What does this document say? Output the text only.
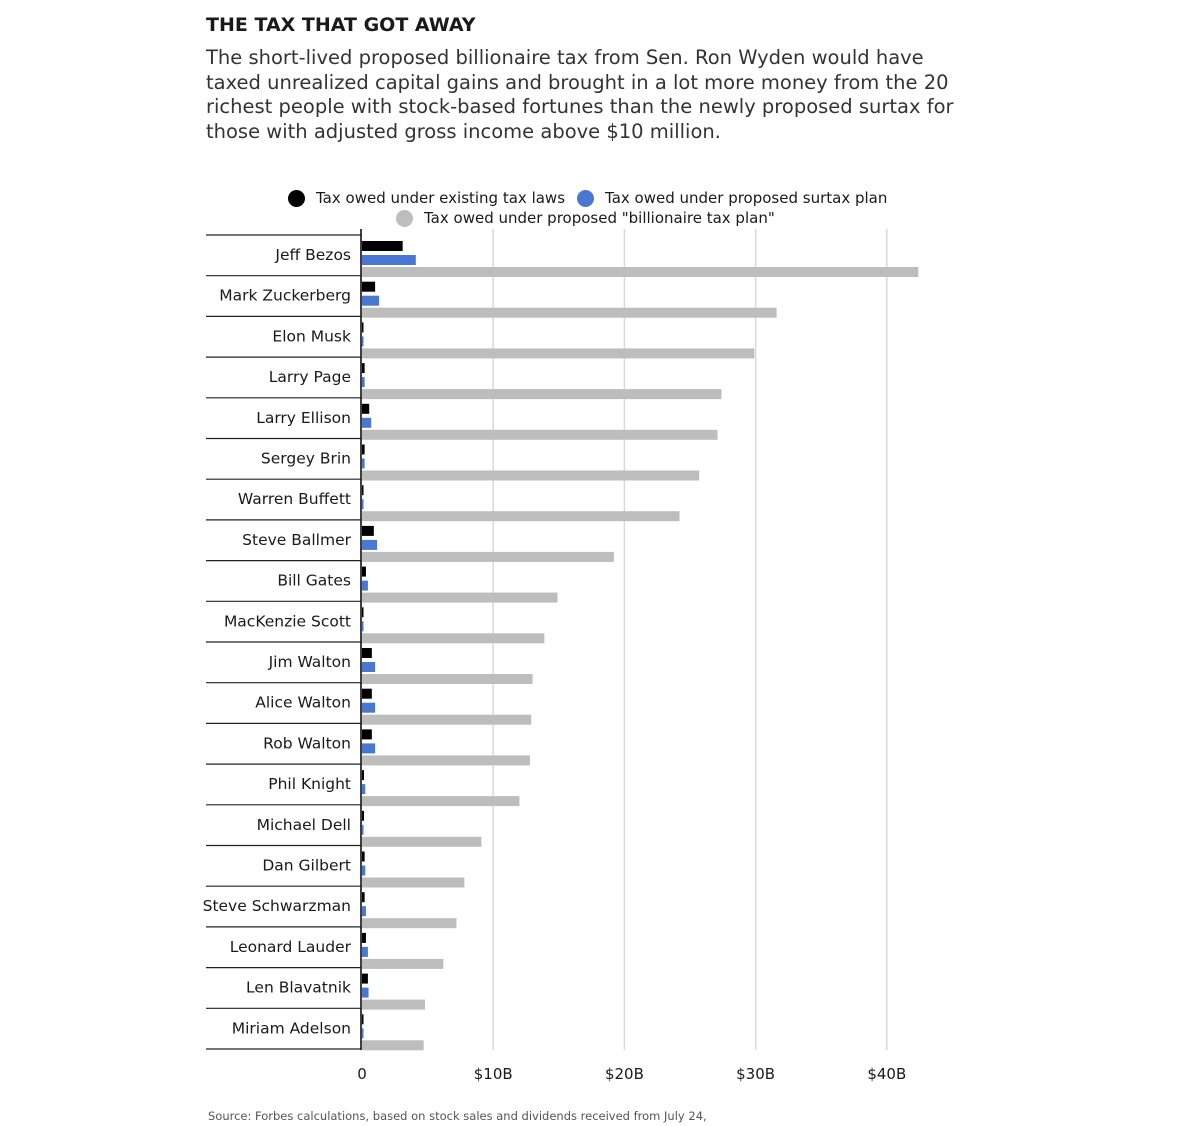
THE TAX THAT GOT AWAY
The short-lived proposed billionaire tax from Sen. Ron Wyden would have taxed unrealized capital gains and brought in a lot more money from the 20 richest people with stock-based fortunes than the newly proposed surtax for those with adjusted gross income above $10 million.
Tax owed under existing tax laws	Tax owed under proposed surtax plan
Tax owed under proposed "billionaire tax plan"
0	$10B	$20B	$30B	$40B
Jeff Bezos
Mark Zuckerberg
Elon Musk
Larry Page
Larry Ellison
Sergey Brin
Warren Buffett
Steve Ballmer
Bill Gates
MacKenzie Scott
Jim Walton
Alice Walton
Rob Walton
Phil Knight
Michael Dell
Dan Gilbert
Steve Schwarzman
Leonard Lauder
Len Blavatnik
Miriam Adelson
Source: Forbes calculations, based on stock sales and dividends received from July 24,
